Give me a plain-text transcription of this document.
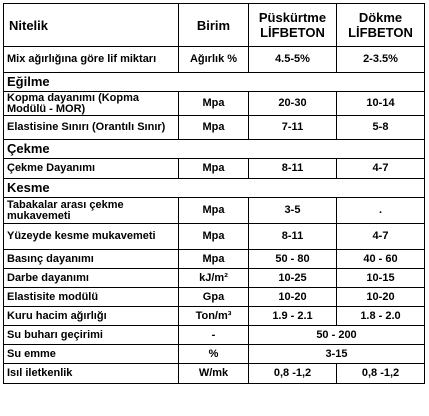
Nitelik	Birim	Püskürtme LİFBETON	Dökme LİFBETON
Mix ağırlığına göre lif miktarı	Ağırlık %	4.5-5%	2-3.5%
Eğilme			
Kopma dayanımı (Kopma Modülü - MOR)	Mpa	20-30	10-14
Elastisine Sınırı (Orantılı Sınır)	Mpa	7-11	5-8
Çekme			
Çekme Dayanımı	Mpa	8-11	4-7
Kesme			
Tabakalar arası çekme mukavemeti	Mpa	3-5	.
Yüzeyde kesme mukavemeti	Mpa	8-11	4-7
Basınç dayanımı	Mpa	50 - 80	40 - 60
Darbe dayanımı	kJ/m²	10-25	10-15
Elastisite modülü	Gpa	10-20	10-20
Kuru hacim ağırlığı	Ton/m³	1.9 - 2.1	1.8 - 2.0
Su buharı geçirimi	-	50 - 200	
Su emme	%	3-15	
Isıl iletkenlik	W/mk	0,8 -1,2	0,8 -1,2
